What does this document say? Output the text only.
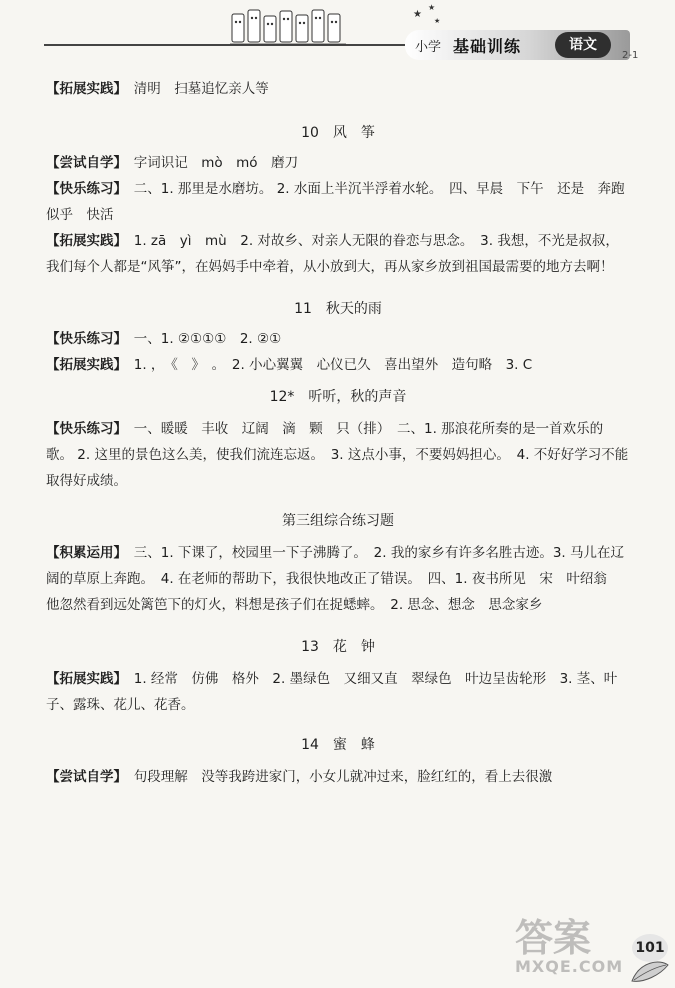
★
★
★
小学 基础训练	语文
2-1

【拓展实践】　 清明　扫墓追忆亲人等

10　风　筝

【尝试自学】　 字词识记　mò　mó　磨刀

【快乐练习】　 二、1. 那里是水磨坊。 2. 水面上半沉半浮着水轮。　四、早晨　下午　还是　奔跑　似乎　快活

【拓展实践】　 1. zā　yì　mù　2. 对故乡、对亲人无限的眷恋与思念。　3. 我想，不光是叔叔，我们每个人都是“风筝”，在妈妈手中牵着，从小放到大，再从家乡放到祖国最需要的地方去啊！

11　秋天的雨

【快乐练习】　 一、1. ②①①①　2. ②①

【拓展实践】　 1. ，　《　》　。　2. 小心翼翼　心仪已久　喜出望外　造句略　3. C

12*　听听，秋的声音

【快乐练习】　 一、暖暖　丰收　辽阔　滴　颗　只（排）　二、1. 那浪花所奏的是一首欢乐的歌。 2. 这里的景色这么美，使我们流连忘返。　3. 这点小事，不要妈妈担心。　4. 不好好学习不能取得好成绩。

第三组综合练习题

【积累运用】　 三、1. 下课了，校园里一下子沸腾了。　2. 我的家乡有许多名胜古迹。3. 马儿在辽阔的草原上奔跑。　4. 在老师的帮助下，我很快地改正了错误。　四、1. 夜书所见　宋　叶绍翁　他忽然看到远处篱笆下的灯火，料想是孩子们在捉蟋蟀。　2. 思念、想念　思念家乡

13　花　钟

【拓展实践】　 1. 经常　仿佛　格外　2. 墨绿色　又细又直　翠绿色　叶边呈齿轮形　3. 茎、叶子、露珠、花儿、花香。

14　蜜　蜂

【尝试自学】　 句段理解　没等我跨进家门，小女儿就冲过来，脸红红的，看上去很激

答案
MXQE.COM
101
